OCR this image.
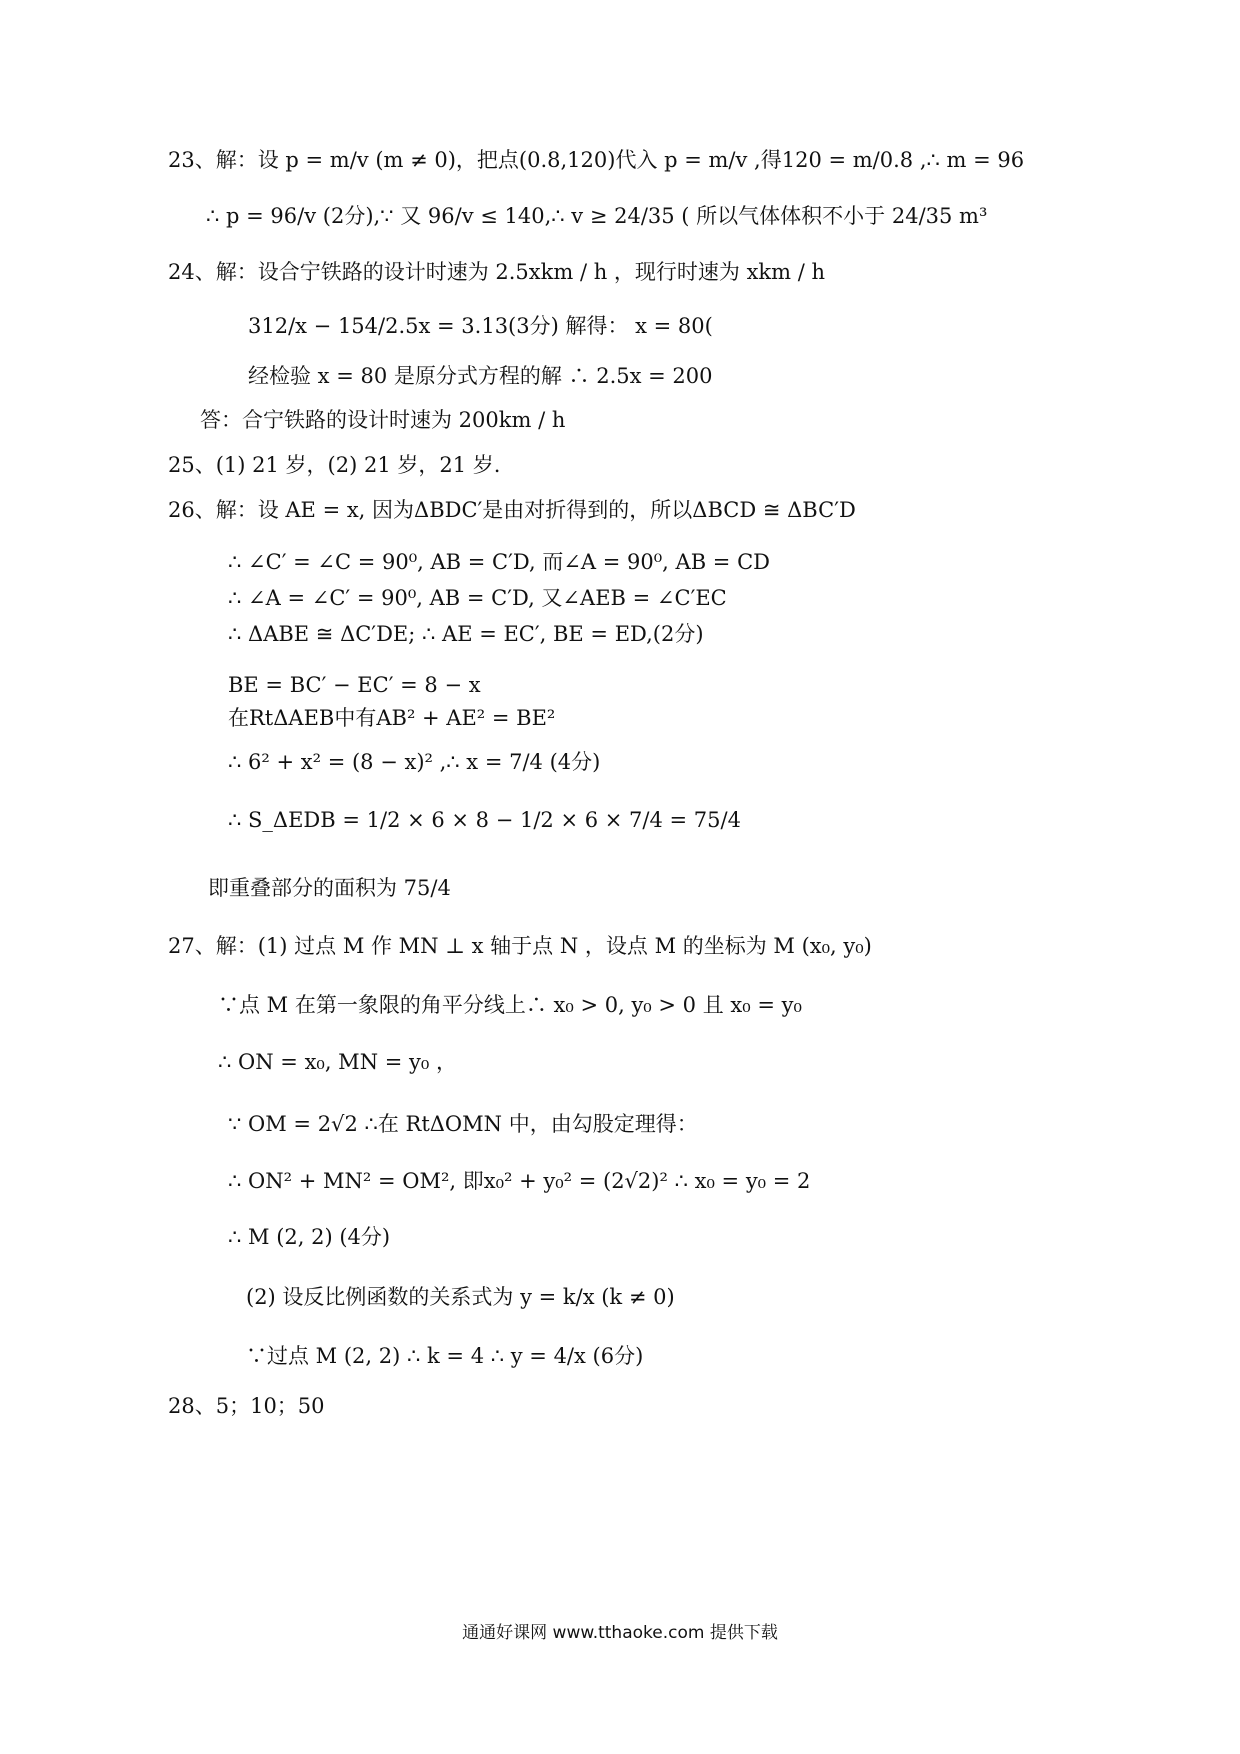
23、解：设 p = m/v (m ≠ 0)，把点(0.8,120)代入 p = m/v ,得120 = m/0.8 ,∴ m = 96
∴ p = 96/v (2分),∵ 又 96/v ≤ 140,∴ v ≥ 24/35 ( 所以气体体积不小于 24/35 m³
24、解：设合宁铁路的设计时速为 2.5xkm / h ，现行时速为 xkm / h
312/x − 154/2.5x = 3.13(3分) 解得： x = 80(
经检验 x = 80 是原分式方程的解 ∴ 2.5x = 200
答：合宁铁路的设计时速为 200km / h
25、(1) 21 岁，(2) 21 岁，21 岁.
26、解：设 AE = x, 因为ΔBDC′是由对折得到的，所以ΔBCD ≅ ΔBC′D
∴ ∠C′ = ∠C = 90⁰, AB = C′D, 而∠A = 90⁰, AB = CD
∴ ∠A = ∠C′ = 90⁰, AB = C′D, 又∠AEB = ∠C′EC
∴ ΔABE ≅ ΔC′DE; ∴ AE = EC′, BE = ED,(2分)
BE = BC′ − EC′ = 8 − x
在RtΔAEB中有AB² + AE² = BE²
∴ 6² + x² = (8 − x)² ,∴ x = 7/4 (4分)
∴ S_ΔEDB = 1/2 × 6 × 8 − 1/2 × 6 × 7/4 = 75/4
即重叠部分的面积为 75/4
27、解：(1) 过点 M 作 MN ⊥ x 轴于点 N ，设点 M 的坐标为 M (x₀, y₀)
∵点 M 在第一象限的角平分线上∴ x₀ > 0, y₀ > 0 且 x₀ = y₀
∴ ON = x₀, MN = y₀ ，
∵ OM = 2√2 ∴在 RtΔOMN 中，由勾股定理得：
∴ ON² + MN² = OM², 即x₀² + y₀² = (2√2)² ∴ x₀ = y₀ = 2
∴ M (2, 2) (4分)
(2) 设反比例函数的关系式为 y = k/x (k ≠ 0)
∵过点 M (2, 2) ∴ k = 4 ∴ y = 4/x (6分)
28、5；10；50
通通好课网 www.tthaoke.com 提供下载
